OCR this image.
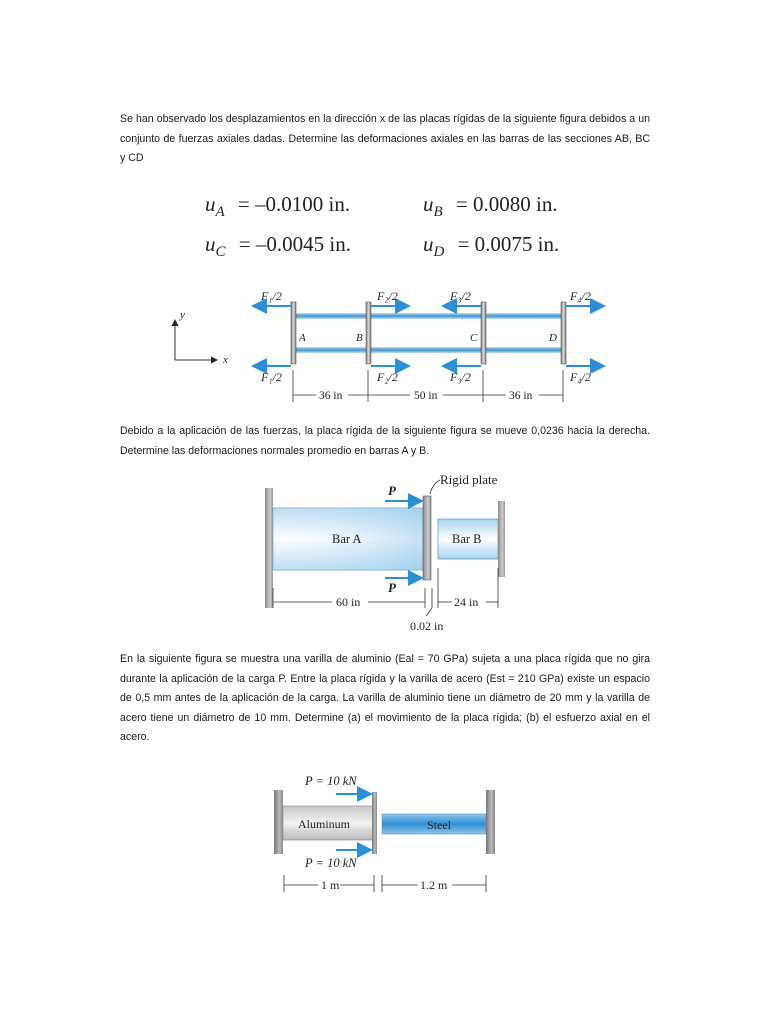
Se han observado los desplazamientos en la dirección x de las placas rígidas de la siguiente figura debidos a un conjunto de fuerzas axiales dadas. Determine las deformaciones axiales en las barras de las secciones AB, BC y CD
$u_A = -0.0100$ in.	$u_B = 0.0080$ in.
$u_C = -0.0045$ in.	$u_D = 0.0075$ in.
A	B	C	D
F₁/2	F₂/2	F₃/2	F₄/2
F₁/2	F₂/2	F₃/2	F₄/2
y
x
36 in	50 in	36 in
Debido a la aplicación de las fuerzas, la placa rígida de la siguiente figura se mueve 0,0236 hacia la derecha. Determine las deformaciones normales promedio en barras A y B.
Bar A	Bar B
P
P
Rigid plate
60 in	24 in
0.02 in
En la siguiente figura se muestra una varilla de aluminio (Eal = 70 GPa) sujeta a una placa rígida que no gira durante la aplicación de la carga P. Entre la placa rígida y la varilla de acero (Est = 210 GPa) existe un espacio de 0,5 mm antes de la aplicación de la carga. La varilla de aluminio tiene un diámetro de 20 mm y la varilla de acero tiene un diámetro de 10 mm. Determine (a) el movimiento de la placa rígida; (b) el esfuerzo axial en el acero.
Aluminum	Steel
P = 10 kN
P = 10 kN
1 m	1.2 m
